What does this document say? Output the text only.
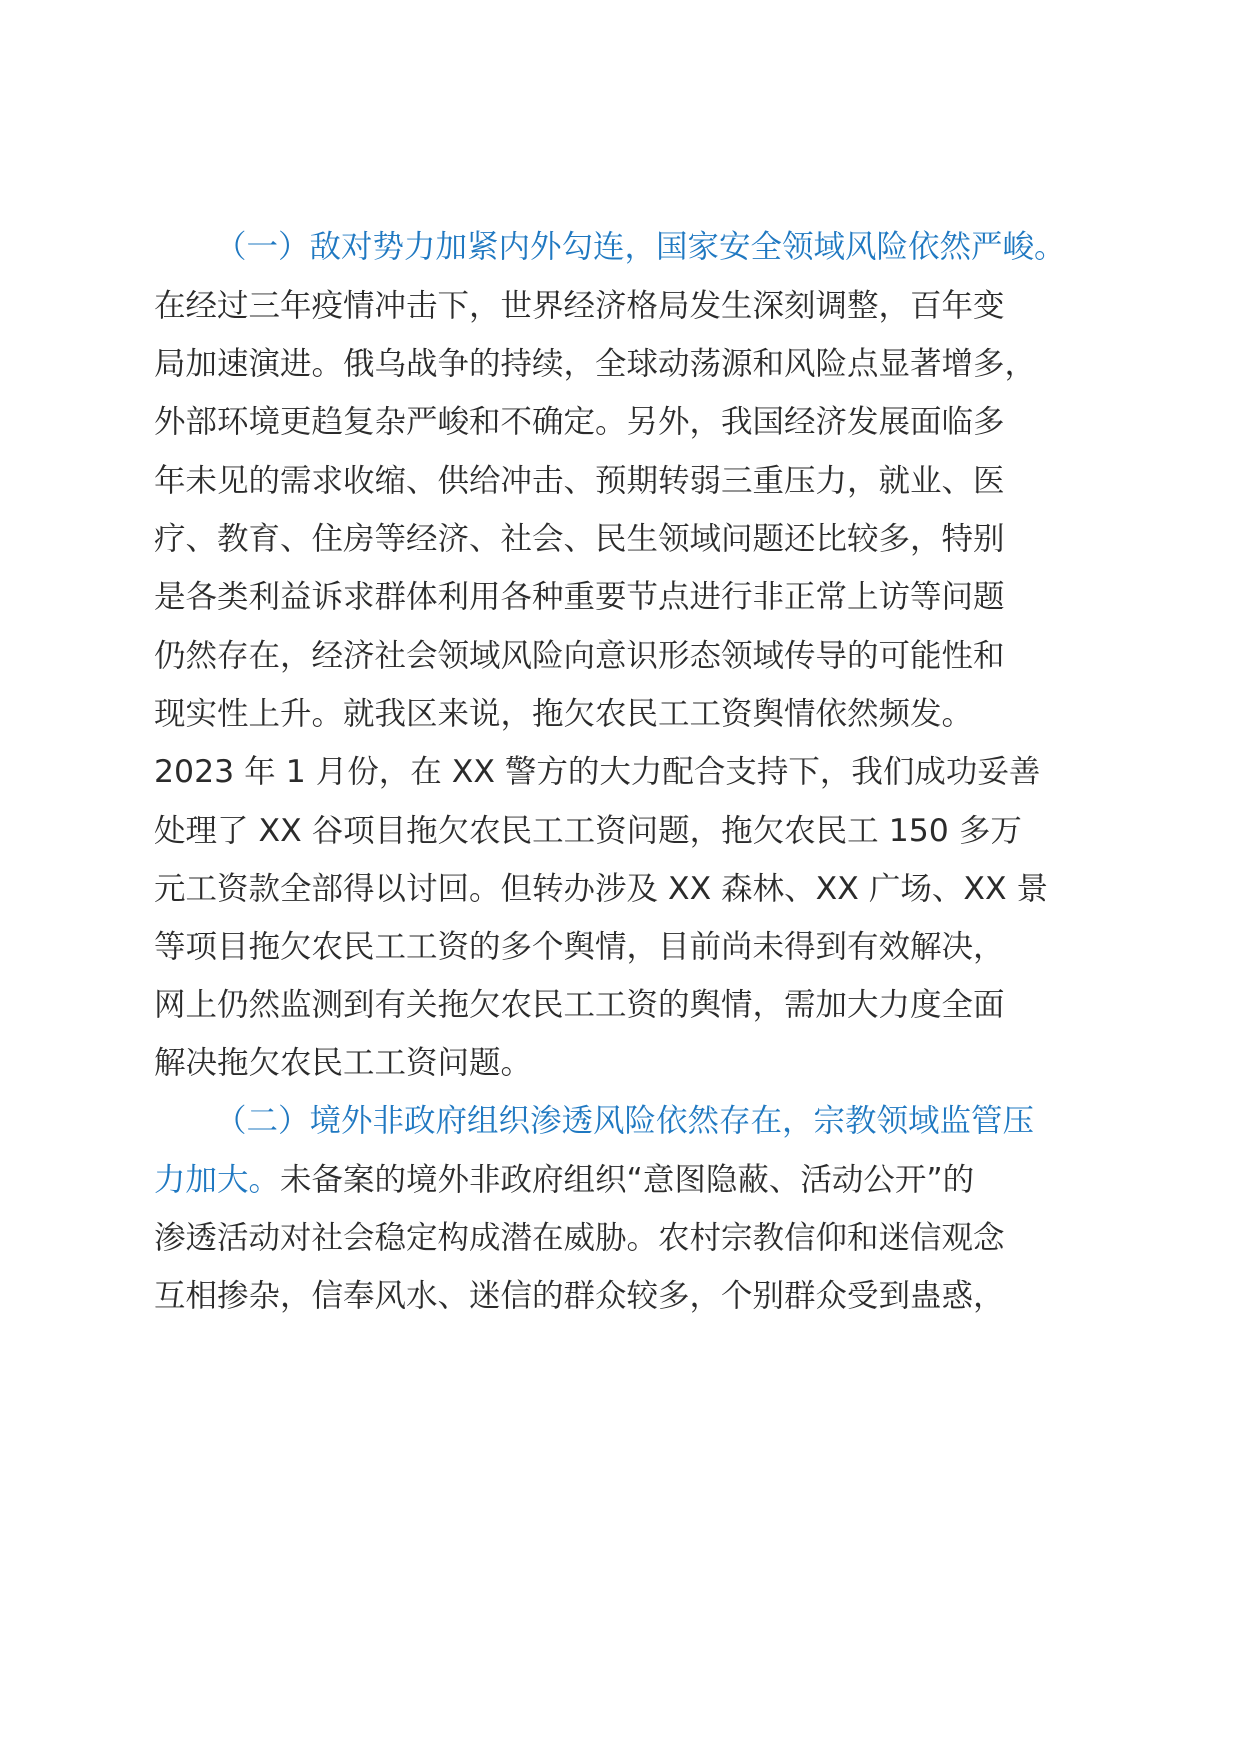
（一）敌对势力加紧内外勾连，国家安全领域风险依然严峻。
在经过三年疫情冲击下，世界经济格局发生深刻调整，百年变
局加速演进。俄乌战争的持续，全球动荡源和风险点显著增多，
外部环境更趋复杂严峻和不确定。另外，我国经济发展面临多
年未见的需求收缩、供给冲击、预期转弱三重压力，就业、医
疗、教育、住房等经济、社会、民生领域问题还比较多，特别
是各类利益诉求群体利用各种重要节点进行非正常上访等问题
仍然存在，经济社会领域风险向意识形态领域传导的可能性和
现实性上升。就我区来说，拖欠农民工工资舆情依然频发。
2023 年 1 月份，在 XX 警方的大力配合支持下，我们成功妥善
处理了 XX 谷项目拖欠农民工工资问题，拖欠农民工 150 多万
元工资款全部得以讨回。但转办涉及 XX 森林、XX 广场、XX 景
等项目拖欠农民工工资的多个舆情，目前尚未得到有效解决，
网上仍然监测到有关拖欠农民工工资的舆情，需加大力度全面
解决拖欠农民工工资问题。
（二）境外非政府组织渗透风险依然存在，宗教领域监管压
力加大。未备案的境外非政府组织“意图隐蔽、活动公开”的
渗透活动对社会稳定构成潜在威胁。农村宗教信仰和迷信观念
互相掺杂，信奉风水、迷信的群众较多，个别群众受到蛊惑，
